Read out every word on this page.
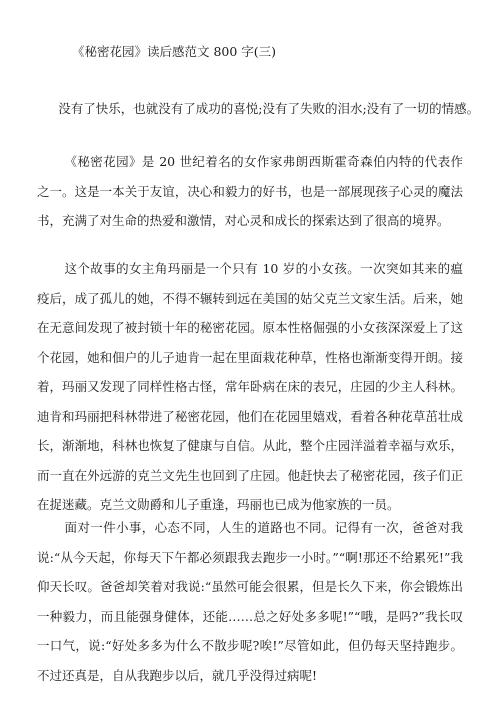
《秘密花园》读后感范文 800 字(三)

没有了快乐，也就没有了成功的喜悦;没有了失败的泪水;没有了一切的情感。

《秘密花园》是 20 世纪着名的女作家弗朗西斯霍奇森伯内特的代表作之一。这是一本关于友谊，决心和毅力的好书，也是一部展现孩子心灵的魔法书，充满了对生命的热爱和激情，对心灵和成长的探索达到了很高的境界。

这个故事的女主角玛丽是一个只有 10 岁的小女孩。一次突如其来的瘟疫后，成了孤儿的她，不得不辗转到远在美国的姑父克兰文家生活。后来，她在无意间发现了被封锁十年的秘密花园。原本性格倔强的小女孩深深爱上了这个花园，她和佃户的儿子迪肯一起在里面栽花种草，性格也渐渐变得开朗。接着，玛丽又发现了同样性格古怪，常年卧病在床的表兄，庄园的少主人科林。迪肯和玛丽把科林带进了秘密花园，他们在花园里嬉戏，看着各种花草茁壮成长，渐渐地，科林也恢复了健康与自信。从此，整个庄园洋溢着幸福与欢乐，而一直在外远游的克兰文先生也回到了庄园。他赶快去了秘密花园，孩子们正在捉迷藏。克兰文勋爵和儿子重逢，玛丽也已成为他家族的一员。

面对一件小事，心态不同，人生的道路也不同。记得有一次，爸爸对我说:“从今天起，你每天下午都必须跟我去跑步一小时。”“啊!那还不给累死!”我仰天长叹。爸爸却笑着对我说:“虽然可能会很累，但是长久下来，你会锻炼出一种毅力，而且能强身健体，还能……总之好处多多呢!”“哦，是吗?”我长叹一口气，说:“好处多多为什么不散步呢?唉!”尽管如此，但仍每天坚持跑步。不过还真是，自从我跑步以后，就几乎没得过病呢!
